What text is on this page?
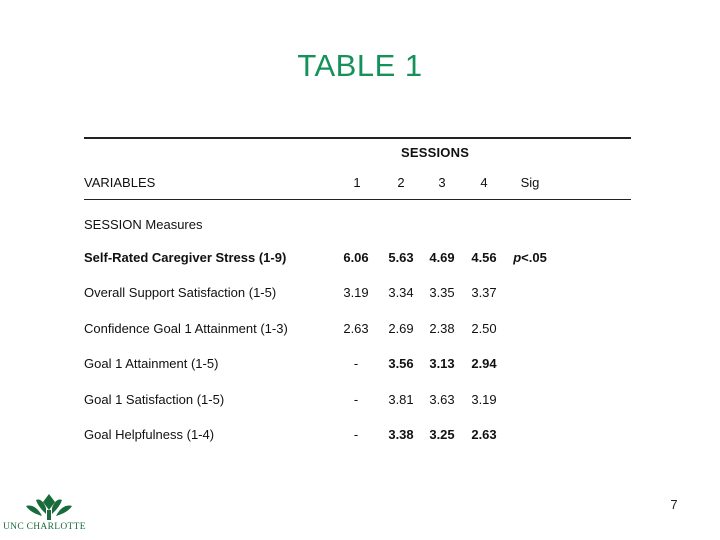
TABLE 1
SESSIONS
VARIABLES	1	2	3	4	Sig
SESSION Measures
Self-Rated Caregiver Stress (1-9)	6.06	5.63	4.69	4.56	p<.05
Overall Support Satisfaction (1-5)	3.19	3.34	3.35	3.37
Confidence Goal 1 Attainment (1-3)	2.63	2.69	2.38	2.50
Goal 1 Attainment (1-5)	-	3.56	3.13	2.94
Goal 1 Satisfaction (1-5)	-	3.81	3.63	3.19
Goal Helpfulness (1-4)	-	3.38	3.25	2.63
7
UNC CHARLOTTE
